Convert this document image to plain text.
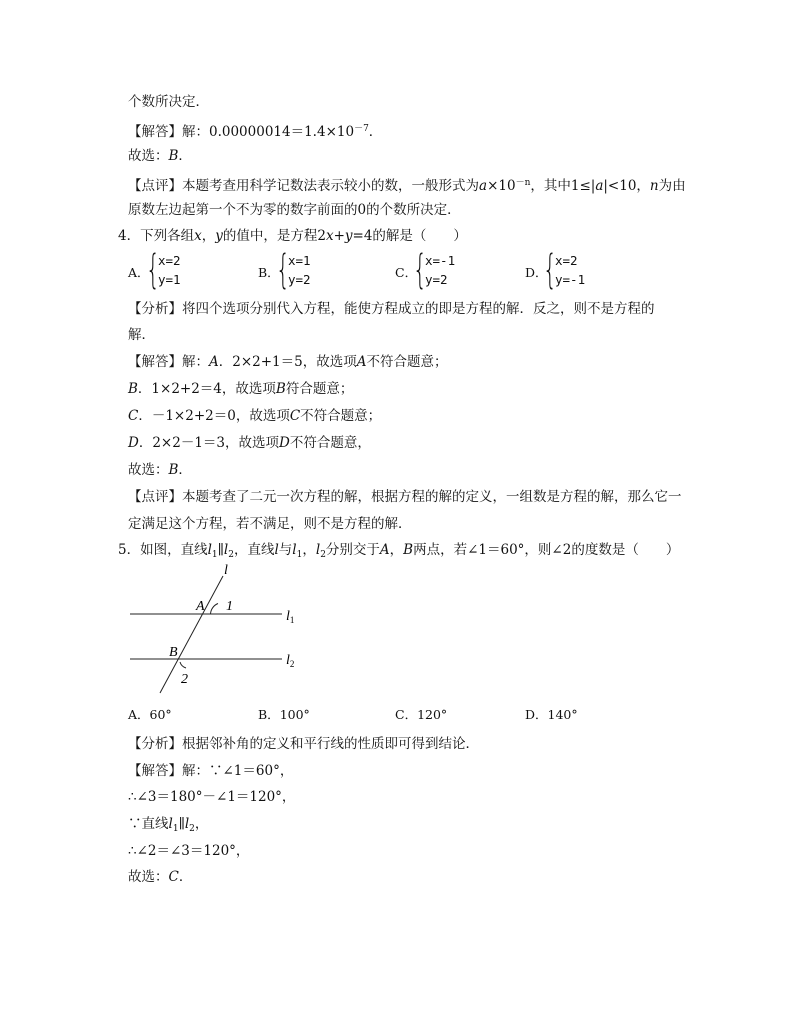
个数所决定．
【解答】解：$0.00000014=1.4\times 10^{-7}$．
故选：B．
【点评】本题考查用科学记数法表示较小的数，一般形式为$a\times 10^{-n}$，其中1≤|a|<10，n为由
原数左边起第一个不为零的数字前面的0的个数所决定．
4．下列各组x，y的值中，是方程2x+y=4的解是（　　）
A．
{
x=2
y=1	B．
{
x=1
y=2	C．
{
x=-1
y=2	D．
{
x=2
y=-1
【分析】将四个选项分别代入方程，能使方程成立的即是方程的解．反之，则不是方程的
解．
【解答】解：A．2×2+1＝5，故选项A不符合题意；
B．1×2+2＝4，故选项B符合题意；
C．－1×2+2＝0，故选项C不符合题意；
D．2×2－1＝3，故选项D不符合题意，
故选：B．
【点评】本题考查了二元一次方程的解，根据方程的解的定义，一组数是方程的解，那么它一
定满足这个方程，若不满足，则不是方程的解．
5．如图，直线$l_1\parallel l_2$，直线l与$l_1$，$l_2$分别交于A，B两点，若∠1＝60°，则∠2的度数是（　　）
l
$l_1$
$l_2$
A
B
1
2
A．60°	B．100°	C．120°	D．140°
【分析】根据邻补角的定义和平行线的性质即可得到结论．
【解答】解：∵∠1＝60°，
∴∠3＝180°－∠1＝120°，
∵直线$l_1\parallel l_2$，
∴∠2＝∠3＝120°，
故选：C．
